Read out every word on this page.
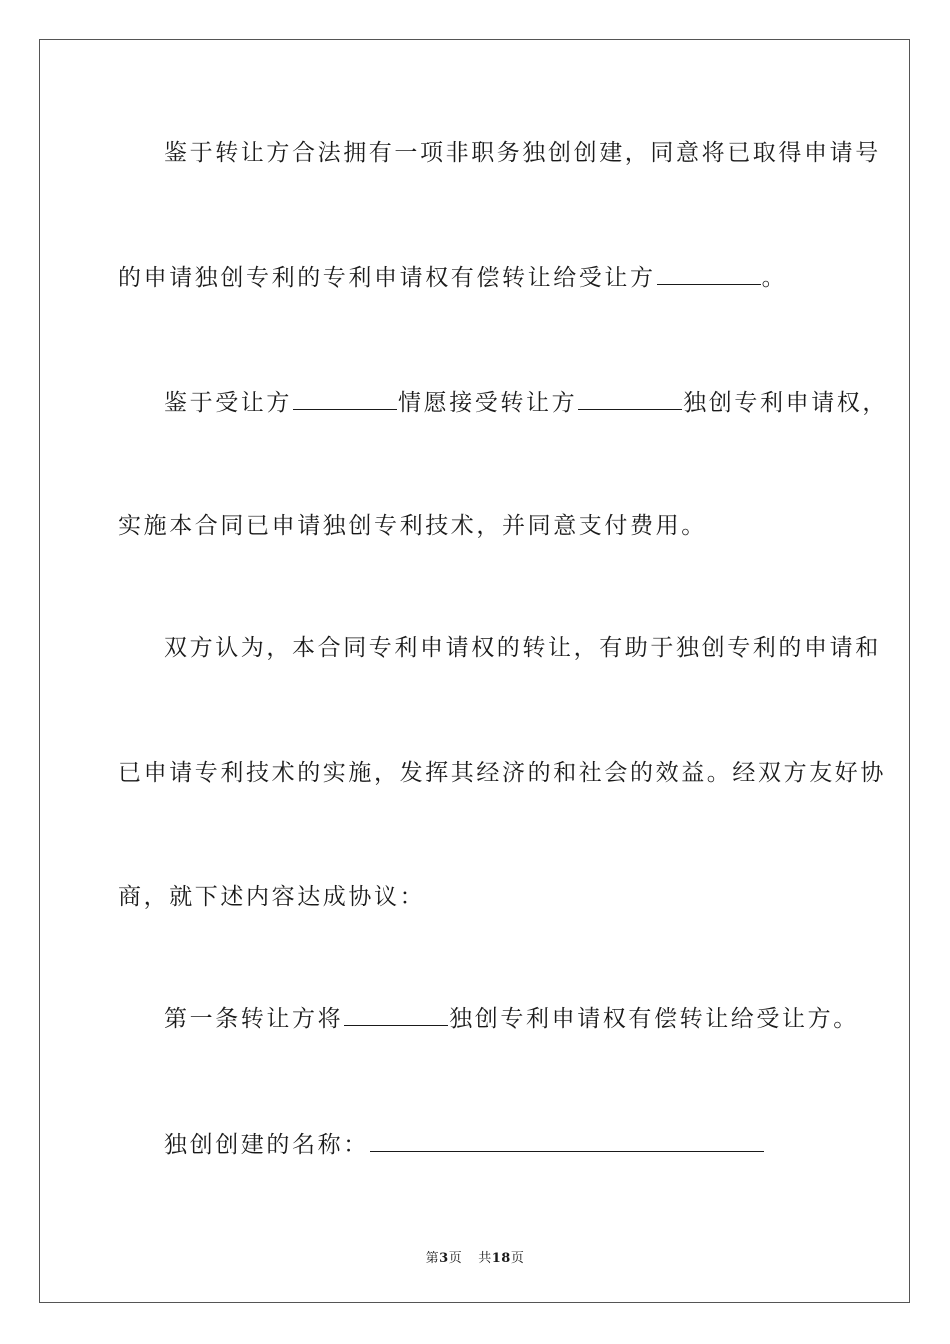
鉴于转让方合法拥有一项非职务独创创建，同意将已取得申请号
的申请独创专利的专利申请权有偿转让给受让方	。
鉴于受让方	情愿接受转让方	独创专利申请权，
实施本合同已申请独创专利技术，并同意支付费用。
双方认为，本合同专利申请权的转让，有助于独创专利的申请和
已申请专利技术的实施，发挥其经济的和社会的效益。经双方友好协
商，就下述内容达成协议：
第一条转让方将	独创专利申请权有偿转让给受让方。
独创创建的名称：
第3页 共18页
